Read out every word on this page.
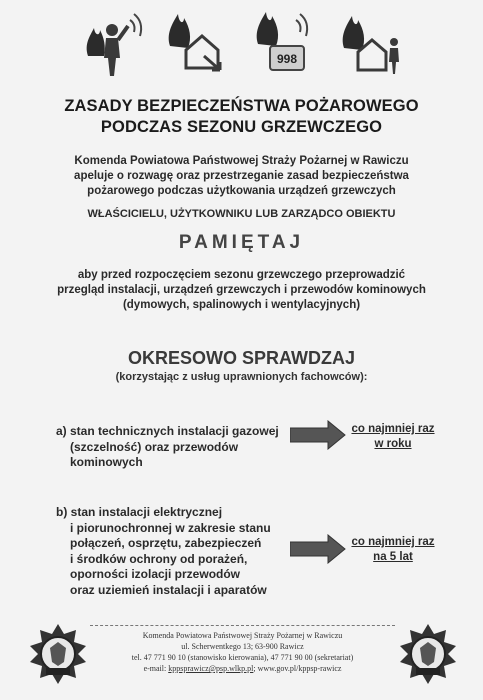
998
ZASADY BEZPIECZEŃSTWA POŻAROWEGO
PODCZAS SEZONU GRZEWCZEGO
Komenda Powiatowa Państwowej Straży Pożarnej w Rawiczu
apeluje o rozwagę oraz przestrzeganie zasad bezpieczeństwa
pożarowego podczas użytkowania urządzeń grzewczych
WŁAŚCICIELU, UŻYTKOWNIKU LUB ZARZĄDCO OBIEKTU
PAMIĘTAJ
aby przed rozpoczęciem sezonu grzewczego przeprowadzić
przegląd instalacji, urządzeń grzewczych i przewodów kominowych
(dymowych, spalinowych i wentylacyjnych)
OKRESOWO SPRAWDZAJ
(korzystając z usług uprawnionych fachowców):
a) stan technicznych instalacji gazowej
(szczelność) oraz przewodów
kominowych
co najmniej raz
w roku
b) stan instalacji elektrycznej
i piorunochronnej w zakresie stanu
połączeń, osprzętu, zabezpieczeń
i środków ochrony od porażeń,
oporności izolacji przewodów
oraz uziemień instalacji i aparatów
co najmniej raz
na 5 lat
Komenda Powiatowa Państwowej Straży Pożarnej w Rawiczu
ul. Scherwentkego 13; 63-900 Rawicz
tel. 47 771 90 10 (stanowisko kierowania), 47 771 90 00 (sekretariat)
e-mail: kppsprawicz@psp.wlkp.pl; www.gov.pl/kppsp-rawicz
